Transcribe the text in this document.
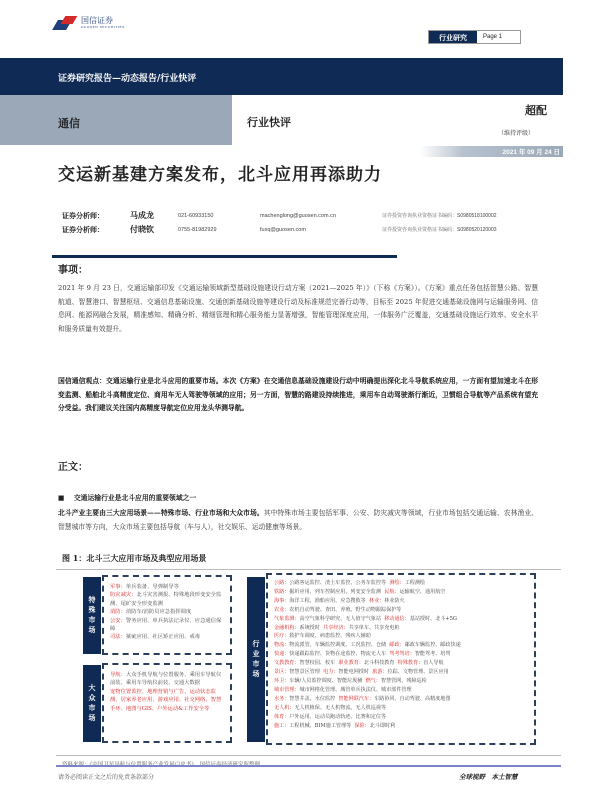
国信证券
GUOSEN SECURITIES
行业研究	Page 1
证券研究报告—动态报告/行业快评
通信	行业快评
超配
（维持评级）
2021 年 09 月 24 日
交运新基建方案发布，北斗应用再添助力
证券分析师：	马成龙	021-60933150	machenglong@guosen.com.cn	证券投资咨询执业资格证书编码：S0980518100002
证券分析师：	付晓钦	0755-81982929	fuxq@guosen.com	证券投资咨询执业资格证书编码：S0980520120003
事项：
2021 年 9 月 23 日，交通运输部印发《交通运输领域新型基础设施建设行动方案（2021—2025 年）》（下称《方案》）。《方案》重点任务包括智慧公路、智慧航道、智慧港口、智慧枢纽、交通信息基础设施、交通创新基础设施等建设行动及标准规范完善行动等，目标至 2025 年促进交通基础设施网与运输服务网、信息网、能源网融合发展，精准感知、精确分析、精细管理和精心服务能力显著增强，智能管理深度应用，一体服务广泛覆盖，交通基础设施运行效率、安全水平和服务质量有效提升。
国信通信观点：交通运输行业是北斗应用的重要市场。本次《方案》在交通信息基础设施建设行动中明确提出深化北斗导航系统应用，一方面有望加速北斗在形变监测、船舶北斗高精度定位、商用车无人驾驶等领域的应用；另一方面，智慧的路建设持续推进，乘用车自动驾驶渐行渐近，卫惯组合导航等产品系统有望充分受益。我们建议关注国内高精度导航定位应用龙头华测导航。
正文：
■ 交通运输行业是北斗应用的重要领域之一
北斗产业主要由三大应用场景——特殊市场、行业市场和大众市场。其中特殊市场主要包括军事、公安、防灾减灾等领域，行业市场包括交通运输、农林渔业、智慧城市等方向，大众市场主要包括导航（车与人），社交娱乐、运动健康等场景。
图 1：北斗三大应用市场及典型应用场景
特殊市场
军事：单兵装备、导弹制导等
防灾减灾：北斗灾害测报、特殊地段形变安全监测、尾矿安全形变监测
消防：消防车/消防员应急指挥调度
公安：警务应用、单兵执法记录仪、应急通信保障
司法：狱疵应用、社区矫正应用、戒毒
大众市场
导航：大众手机导航与位置服务、乘用车导航仪前装、乘用车导航仪前装、交通大数据
宠物位置监控、地理营销与广告、运动状态监测、居家养老应用、游戏应用、社交网络、智慧手环、地图与GIS、户外运动&工作安全等
行业市场
公路：公路客运监控、渣土车监控、公务车监控等 测绘：工程测绘
铁路：掘圻应用、列车控制应用、列变安全监测 民航：运输航空、通用航空
海事：海洋工程、渔船应用、应急搜救等 林业：林业防火
农业：农机自动驾驶、查田、养殖、野生动物跟踪保护等
气象监测：高空气象科学研究、无人值守气象站 移动通信：基站授时、北斗+5G
金融机构：系统授时 共享经济：共享单车、共享充电桩
医疗：救护车调度、病患监控、残疾人辅助
物流：物流派管、车辆监控调度、工况监控、仓储 邮政：邮政车辆监控、邮政快递
快递：快递跟踪监控、货物在途监控、物流无人车 驾考驾培：智能驾考、培驾
文教教育：智慧校园、校车 职业教育：北斗科技教育 特殊教育：盲人导航
景区：智慧景区管理 电力：智能电网授时 旅游：位踪、文物管理、景区应用
环卫：车辆/人员监控调度、智能垃圾桶 燃气：智慧管网、残障巡检
城市管理：城市网格化管理、城管单兵执法仪、城市部件管理
水务：智慧井盖、水位监控 智能网联汽车：车路协同、自动驾驶、高精度地图
无人机：无人机植保、无人机物流、无人机巡视等
体育：户外运用、运动员跑动轨迹、比赛和定位等
施工：工程机械、BIM施工管理等 保险：北斗即时利
请务必阅读正文之后的免责条款部分	全球视野　本土智慧
